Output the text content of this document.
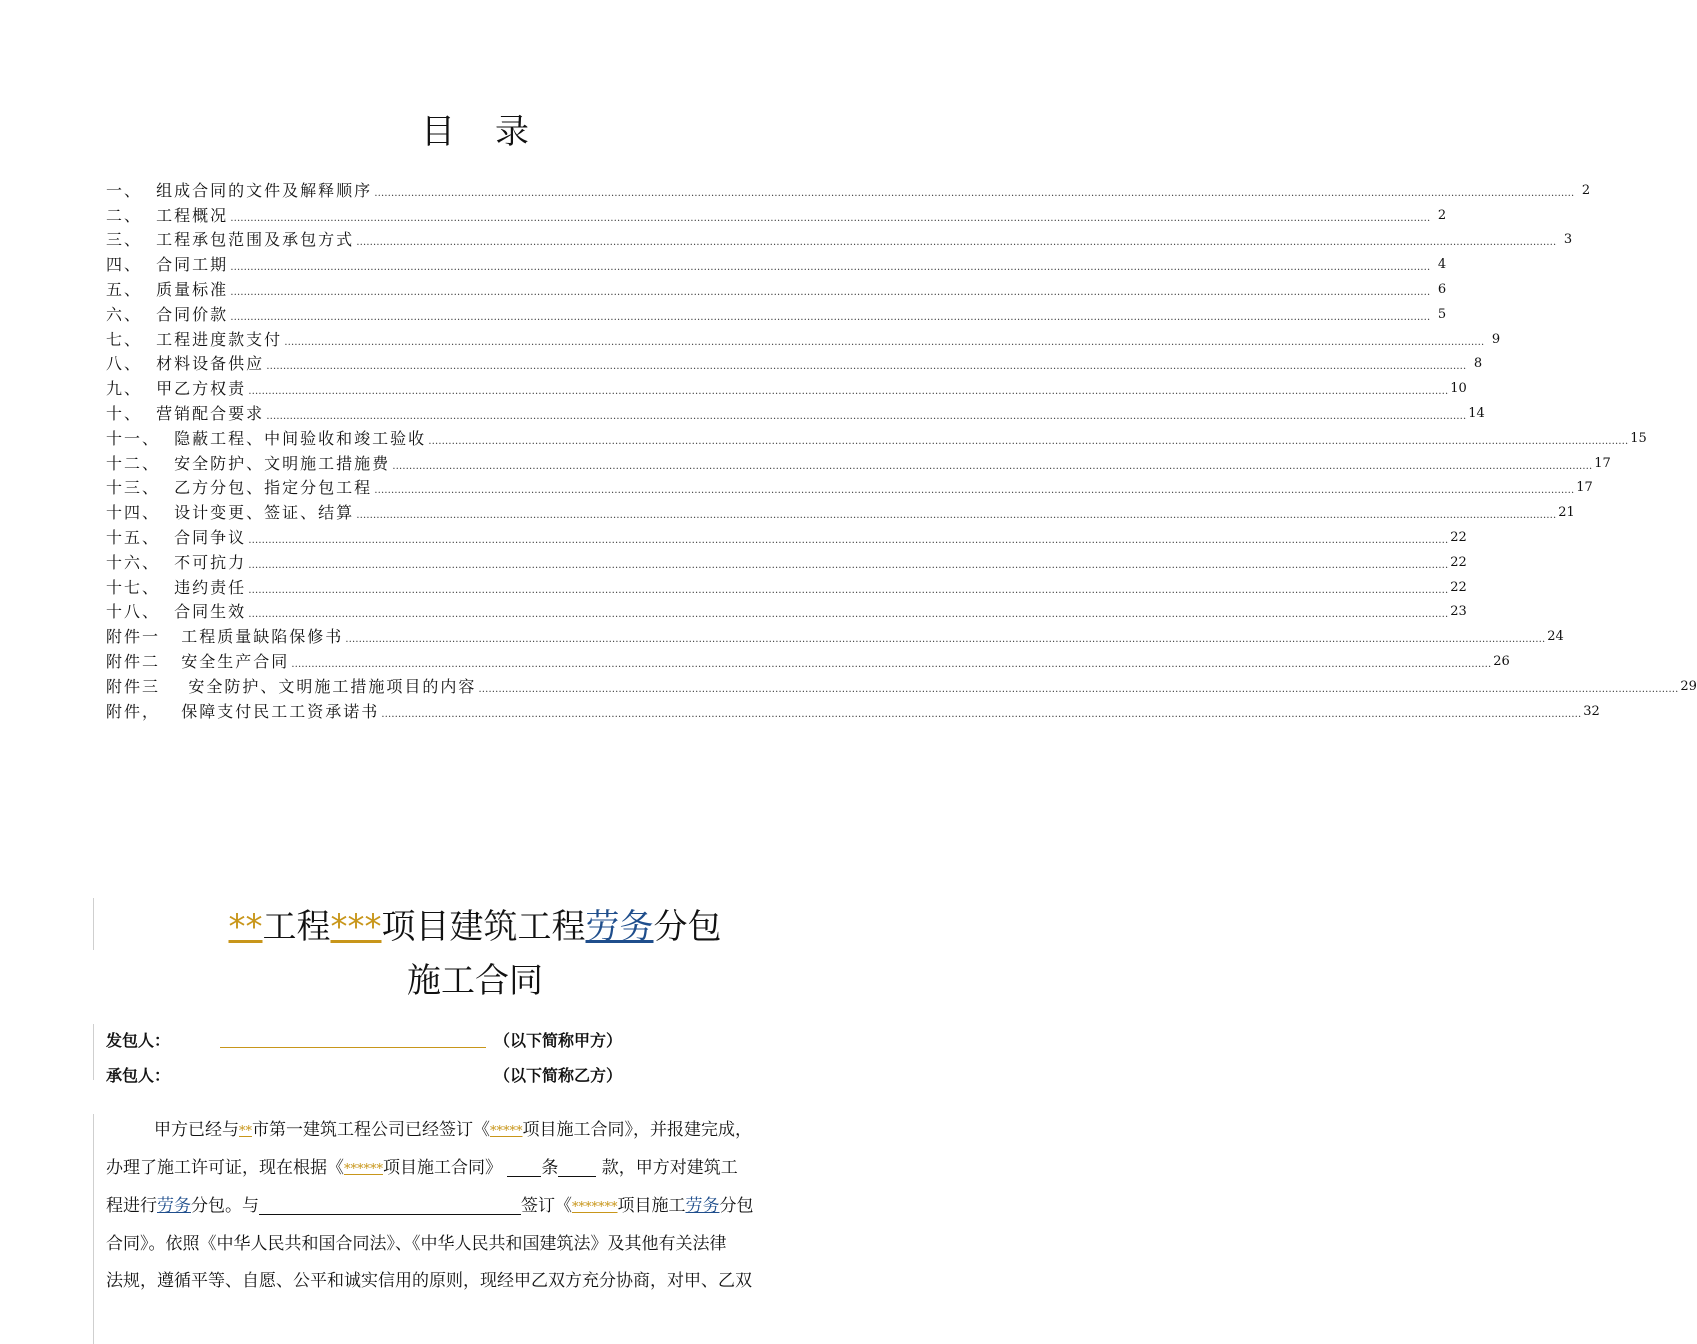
目 录
一、  组成合同的文件及解释顺序 ……………………………………………………………………………………………………………………………………………………………………………………………………………………………………………………………………………………………………………………………… 2
二、  工程概况 ……………………………………………………………………………………………………………………………………………………………………………………………………………………………………………………………………………………………………………………………… 2
三、  工程承包范围及承包方式 ……………………………………………………………………………………………………………………………………………………………………………………………………………………………………………………………………………………………………………………………… 3
四、  合同工期 ……………………………………………………………………………………………………………………………………………………………………………………………………………………………………………………………………………………………………………………………… 4
五、  质量标准 ……………………………………………………………………………………………………………………………………………………………………………………………………………………………………………………………………………………………………………………………… 6
六、  合同价款 ……………………………………………………………………………………………………………………………………………………………………………………………………………………………………………………………………………………………………………………………… 5
七、  工程进度款支付 ……………………………………………………………………………………………………………………………………………………………………………………………………………………………………………………………………………………………………………………………… 9
八、  材料设备供应 ……………………………………………………………………………………………………………………………………………………………………………………………………………………………………………………………………………………………………………………………… 8
九、  甲乙方权责 ……………………………………………………………………………………………………………………………………………………………………………………………………………………………………………………………………………………………………………………………… 10
十、  营销配合要求 ……………………………………………………………………………………………………………………………………………………………………………………………………………………………………………………………………………………………………………………………… 14
十一、  隐蔽工程、中间验收和竣工验收 ……………………………………………………………………………………………………………………………………………………………………………………………………………………………………………………………………………………………………………………………… 15
十二、  安全防护、文明施工措施费 ……………………………………………………………………………………………………………………………………………………………………………………………………………………………………………………………………………………………………………………………… 17
十三、  乙方分包、指定分包工程 ……………………………………………………………………………………………………………………………………………………………………………………………………………………………………………………………………………………………………………………………… 17
十四、  设计变更、签证、结算 ……………………………………………………………………………………………………………………………………………………………………………………………………………………………………………………………………………………………………………………………… 21
十五、  合同争议 ……………………………………………………………………………………………………………………………………………………………………………………………………………………………………………………………………………………………………………………………… 22
十六、  不可抗力 ……………………………………………………………………………………………………………………………………………………………………………………………………………………………………………………………………………………………………………………………… 22
十七、  违约责任 ……………………………………………………………………………………………………………………………………………………………………………………………………………………………………………………………………………………………………………………………… 22
十八、  合同生效 ……………………………………………………………………………………………………………………………………………………………………………………………………………………………………………………………………………………………………………………………… 23
附件一   工程质量缺陷保修书 ……………………………………………………………………………………………………………………………………………………………………………………………………………………………………………………………………………………………………………………………… 24
附件二   安全生产合同 ……………………………………………………………………………………………………………………………………………………………………………………………………………………………………………………………………………………………………………………………… 26
附件三    安全防护、文明施工措施项目的内容 ……………………………………………………………………………………………………………………………………………………………………………………………………………………………………………………………………………………………………………………………… 29
附件，   保障支付民工工资承诺书 ……………………………………………………………………………………………………………………………………………………………………………………………………………………………………………………………………………………………………………………………… 32
**工程***项目建筑工程劳务分包
施工合同
发包人：	（以下简称甲方）
承包人：	（以下简称乙方）
甲方已经与**市第一建筑工程公司已经签订《*****项目施工合同》，并报建完成，
办理了施工许可证，现在根据《******项目施工合同》 条 款，甲方对建筑工
程进行劳务分包。与	签订《*******项目施工劳务分包
合同》。依照《中华人民共和国合同法》、《中华人民共和国建筑法》及其他有关法律
法规，遵循平等、自愿、公平和诚实信用的原则，现经甲乙双方充分协商，对甲、乙双
